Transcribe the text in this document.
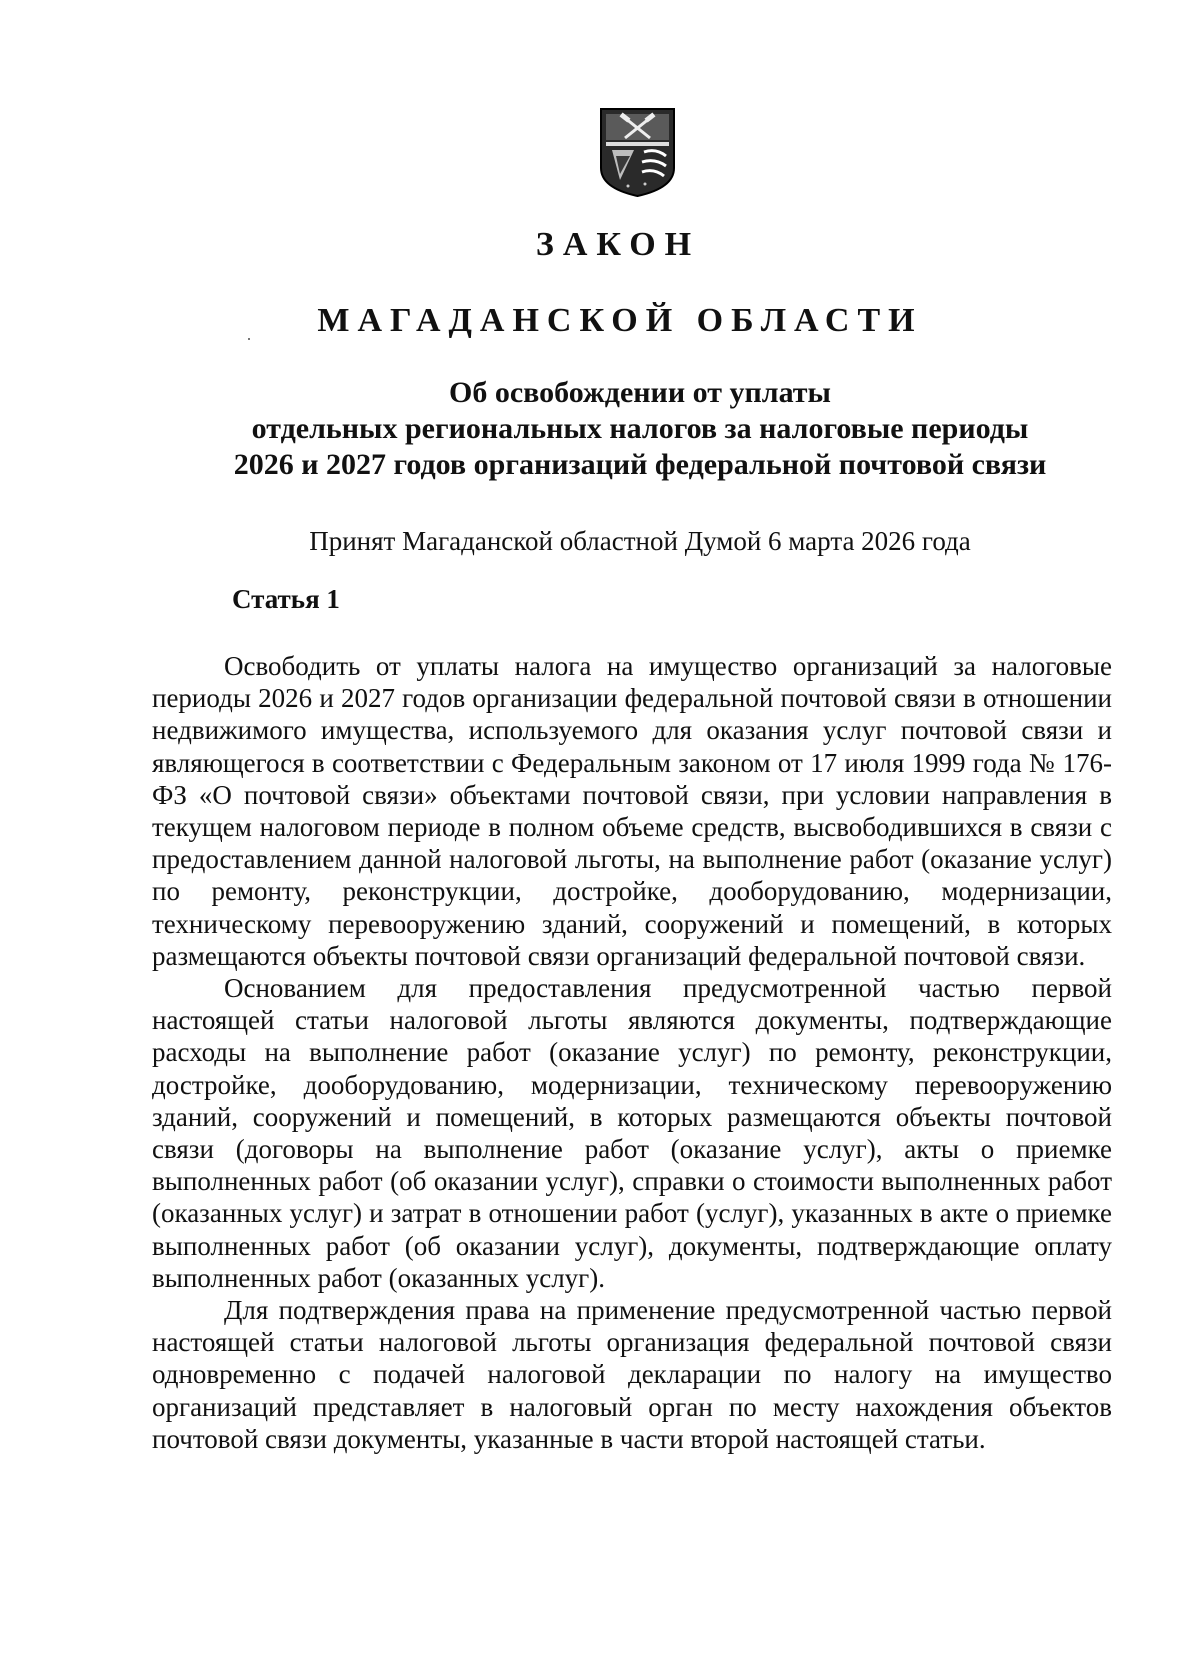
ЗАКОН
МАГАДАНСКОЙ ОБЛАСТИ
Об освобождении от уплаты
отдельных региональных налогов за налоговые периоды
2026 и 2027 годов организаций федеральной почтовой связи

Принят Магаданской областной Думой 6 марта 2026 года

Статья 1

Освободить от уплаты налога на имущество организаций за налоговые периоды 2026 и 2027 годов организации федеральной почтовой связи в отношении недвижимого имущества, используемого для оказания услуг почтовой связи и являющегося в соответствии с Федеральным законом от 17 июля 1999 года № 176-ФЗ «О почтовой связи» объектами почтовой связи, при условии направления в текущем налоговом периоде в полном объеме средств, высвободившихся в связи с предоставлением данной налоговой льготы, на выполнение работ (оказание услуг) по ремонту, реконструкции, достройке, дооборудованию, модернизации, техническому перевооружению зданий, сооружений и помещений, в которых размещаются объекты почтовой связи организаций федеральной почтовой связи.

Основанием для предоставления предусмотренной частью первой настоящей статьи налоговой льготы являются документы, подтверждающие расходы на выполнение работ (оказание услуг) по ремонту, реконструкции, достройке, дооборудованию, модернизации, техническому перевооружению зданий, сооружений и помещений, в которых размещаются объекты почтовой связи (договоры на выполнение работ (оказание услуг), акты о приемке выполненных работ (об оказании услуг), справки о стоимости выполненных работ (оказанных услуг) и затрат в отношении работ (услуг), указанных в акте о приемке выполненных работ (об оказании услуг), документы, подтверждающие оплату выполненных работ (оказанных услуг).

Для подтверждения права на применение предусмотренной частью первой настоящей статьи налоговой льготы организация федеральной почтовой связи одновременно с подачей налоговой декларации по налогу на имущество организаций представляет в налоговый орган по месту нахождения объектов почтовой связи документы, указанные в части второй настоящей статьи.
